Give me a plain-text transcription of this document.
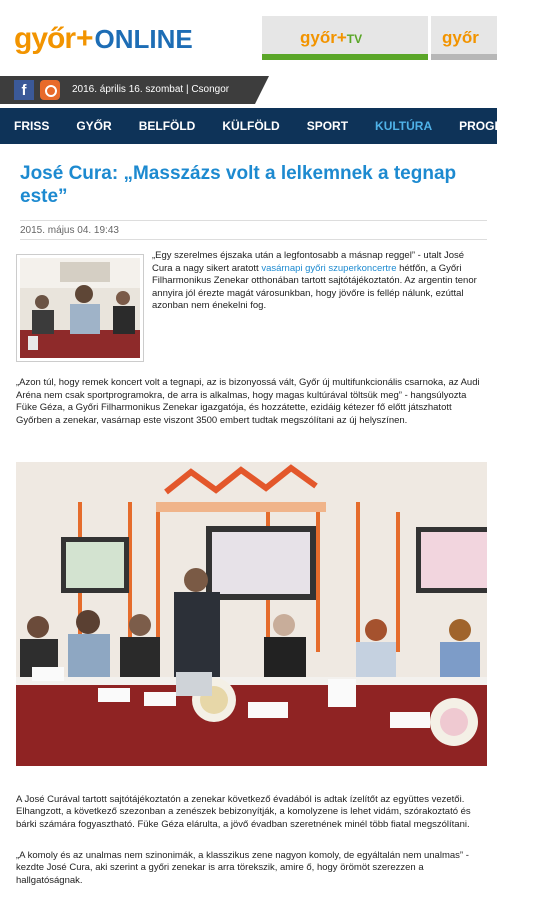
győr + ONLINE	győr+TV	győr
f	2016. április 16. szombat | Csongor
FRISS	GYŐR	BELFÖLD	KÜLFÖLD	SPORT	KULTÚRA	PROGRAMOK
José Cura: „Masszázs volt a lelkemnek a tegnap este”
2015. május 04. 19:43

„Egy szerelmes éjszaka után a legfontosabb a másnap reggel” - utalt José Cura a nagy sikert aratott vasárnapi győri szuperkoncertre hétfőn, a Győri Filharmonikus Zenekar otthonában tartott sajtótájékoztatón. Az argentin tenor annyira jól érezte magát városunkban, hogy jövőre is fellép nálunk, ezúttal azonban nem énekelni fog.

„Azon túl, hogy remek koncert volt a tegnapi, az is bizonyossá vált, Győr új multifunkcionális csarnoka, az Audi Aréna nem csak sportprogramokra, de arra is alkalmas, hogy magas kultúrával töltsük meg” - hangsúlyozta Füke Géza, a Győri Filharmonikus Zenekar igazgatója, és hozzátette, ezidáig kétezer fő előtt játszhatott Győrben a zenekar, vasárnap este viszont 3500 embert tudtak megszólítani az új helyszínen.

A José Curával tartott sajtótájékoztatón a zenekar következő évadából is adtak ízelítőt az együttes vezetői. Elhangzott, a következő szezonban a zenészek bebizonyítják, a komolyzene is lehet vidám, szórakoztató és bárki számára fogyasztható. Füke Géza elárulta, a jövő évadban szeretnének minél több fiatal megszólítani.

„A komoly és az unalmas nem szinonimák, a klasszikus zene nagyon komoly, de egyáltalán nem unalmas” - kezdte José Cura, aki szerint a győri zenekar is arra törekszik, amire ő, hogy örömöt szerezzen a hallgatóságnak.
